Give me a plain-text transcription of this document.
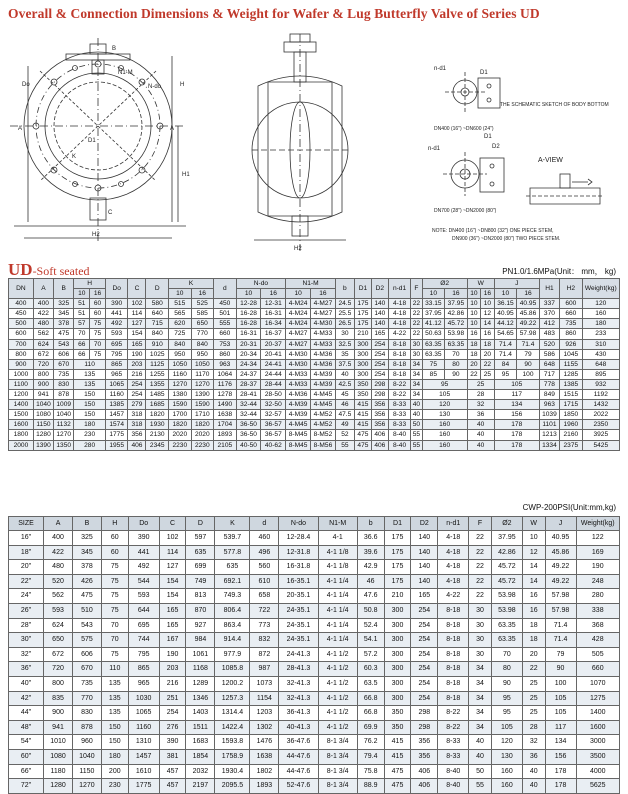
Overall & Connection Dimensions & Weight for Wafer & Lug Butterfly Valve of Series UD
N1-M
N-do
A	A
K
D1
H
H1
H2
C
B
Do
H2
THE SCHEMATIC SKETCH OF BODY BOTTOM
n-d1
D1
DN400 (16") ~DN600 (24")
n-d1
D1
D2
DN700 (28") ~DN2000 (80")
A-VIEW
NOTE: DN400 (16") ~DN800 (32") ONE PIECE STEM,
DN900 (36") ~DN2000 (80") TWO PIECE STEM.
UD-Soft seated	PN1.0/1.6MPa(Unit： mm， kg)
DN	A	B	H		Do	C	D	K		d	N-do		N1-M		b	D1	D2	n-d1	F	Ø2		W		J		H1	H2	Weight(kg)
			10	16				10	16		10	16	10	16						10	16	10	16	10	16			
400	400	325	51	60	390	102	580	515	525	450	12-28	12-31	4-M24	4-M27	24.5	175	140	4-18	22	33.15	37.95	10	10	36.15	40.95	337	600	120
450	422	345	51	60	441	114	640	565	585	501	16-28	16-31	4-M24	4-M27	25.5	175	140	4-18	22	37.95	42.86	10	12	40.95	45.86	370	660	160
500	480	378	57	75	492	127	715	620	650	555	16-28	16-34	4-M24	4-M30	26.5	175	140	4-18	22	41.12	45.72	10	14	44.12	49.22	412	735	180
600	562	475	70	75	593	154	840	725	770	660	16-31	16-37	4-M27	4-M33	30	210	165	4-22	22	50.63	53.98	16	16	54.65	57.98	483	860	233
700	624	543	66	70	695	165	910	840	840	753	20-31	20-37	4-M27	4-M33	32.5	300	254	8-18	30	63.35	63.35	18	18	71.4	71.4	520	926	310
800	672	606	66	75	795	190	1025	950	950	860	20-34	20-41	4-M30	4-M36	35	300	254	8-18	30	63.35	70	18	20	71.4	79	586	1045	430
900	720	670	110		865	203	1125	1050	1050	963	24-34	24-41	4-M30	4-M36	37.5	300	254	8-18	34	75	80	20	22	84	90	648	1155	648
1000	800	735	135		965	216	1255	1160	1170	1064	24-37	24-44	4-M33	4-M39	40	300	254	8-18	34	85	90	22	25	95	100	717	1285	895
1100	900	830	135		1065	254	1355	1270	1270	1176	28-37	28-44	4-M33	4-M39	42.5	350	298	8-22	34	95		25		105		778	1385	932
1200	941	878	150		1160	254	1485	1380	1390	1278	28-41	28-50	4-M36	4-M45	45	350	298	8-22	34	105		28		117		849	1515	1192
1400	1040	1009	150		1385	279	1685	1590	1590	1490	32-44	32-50	4-M39	4-M45	46	415	356	8-33	40	120		32		134		963	1715	1432
1500	1080	1040	150		1457	318	1820	1700	1710	1638	32-44	32-57	4-M39	4-M52	47.5	415	356	8-33	40	130		36		156		1039	1850	2022
1600	1150	1132	180		1574	318	1930	1820	1820	1704	36-50	36-57	4-M45	4-M52	49	415	356	8-33	50	160		40		178		1101	1960	2350
1800	1280	1270	230		1775	356	2130	2020	2020	1893	36-50	36-57	8-M45	8-M52	52	475	406	8-40	55	160		40		178		1213	2160	3925
2000	1390	1350	280		1955	406	2345	2230	2230	2105	40-50	40-62	8-M45	8-M56	55	475	406	8-40	55	160		40		178		1334	2375	5425
CWP-200PSI(Unit:mm,kg)
SIZE	A	B	H	Do	C	D	K	d	N-do	N1-M	b	D1	D2	n-d1	F	Ø2	W	J	Weight(kg)
16"	400	325	60	390	102	597	539.7	460	12-28.4	4-1	36.6	175	140	4-18	22	37.95	10	40.95	122
18"	422	345	60	441	114	635	577.8	496	12-31.8	4-1 1/8	39.6	175	140	4-18	22	42.86	12	45.86	169
20"	480	378	75	492	127	699	635	560	16-31.8	4-1 1/8	42.9	175	140	4-18	22	45.72	14	49.22	190
22"	520	426	75	544	154	749	692.1	610	16-35.1	4-1 1/4	46	175	140	4-18	22	45.72	14	49.22	248
24"	562	475	75	593	154	813	749.3	658	20-35.1	4-1 1/4	47.6	210	165	4-22	22	53.98	16	57.98	280
26"	593	510	75	644	165	870	806.4	722	24-35.1	4-1 1/4	50.8	300	254	8-18	30	53.98	16	57.98	338
28"	624	543	70	695	165	927	863.4	773	24-35.1	4-1 1/4	52.4	300	254	8-18	30	63.35	18	71.4	368
30"	650	575	70	744	167	984	914.4	832	24-35.1	4-1 1/4	54.1	300	254	8-18	30	63.35	18	71.4	428
32"	672	606	75	795	190	1061	977.9	872	24-41.3	4-1 1/2	57.2	300	254	8-18	30	70	20	79	505
36"	720	670	110	865	203	1168	1085.8	987	28-41.3	4-1 1/2	60.3	300	254	8-18	34	80	22	90	660
40"	800	735	135	965	216	1289	1200.2	1073	32-41.3	4-1 1/2	63.5	300	254	8-18	34	90	25	100	1070
42"	835	770	135	1030	251	1346	1257.3	1154	32-41.3	4-1 1/2	66.8	300	254	8-18	34	95	25	105	1275
44"	900	830	135	1065	254	1403	1314.4	1203	36-41.3	4-1 1/2	66.8	350	298	8-22	34	95	25	105	1400
48"	941	878	150	1160	276	1511	1422.4	1302	40-41.3	4-1 1/2	69.9	350	298	8-22	34	105	28	117	1600
54"	1010	960	150	1310	390	1683	1593.8	1476	36-47.6	8-1 3/4	76.2	415	356	8-33	40	120	32	134	3000
60"	1080	1040	180	1457	381	1854	1758.9	1638	44-47.6	8-1 3/4	79.4	415	356	8-33	40	130	36	156	3500
66"	1180	1150	200	1610	457	2032	1930.4	1802	44-47.6	8-1 3/4	75.8	475	406	8-40	50	160	40	178	4000
72"	1280	1270	230	1775	457	2197	2095.5	1893	52-47.6	8-1 3/4	88.9	475	406	8-40	55	160	40	178	5625
